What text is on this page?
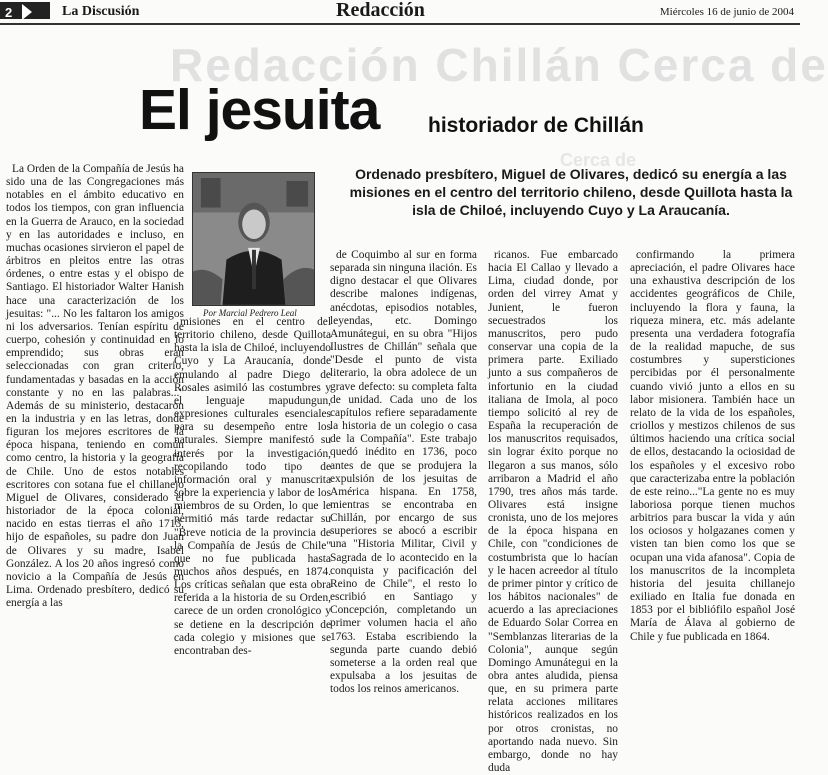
2	La Discusión	Redacción	Miércoles 16 de junio de 2004
Redacción Chillán Cerca de
Cerca de
El jesuita historiador de Chillán
Ordenado presbítero, Miguel de Olivares, dedicó su energía a las misiones en el centro del territorio chileno, desde Quillota hasta la isla de Chiloé, incluyendo Cuyo y La Araucanía.
Por Marcial Pedrero Leal
La Orden de la Compañía de Jesús ha sido una de las Congregaciones más notables en el ámbito educativo en todos los tiempos, con gran influencia en la Guerra de Arauco, en la sociedad y en las autoridades e incluso, en muchas ocasiones sirvieron el papel de árbitros en pleitos entre las otras órdenes, o entre estas y el obispo de Santiago. El historiador Walter Hanish hace una caracterización de los jesuitas: "... No les faltaron los amigos ni los adversarios. Tenían espíritu de cuerpo, cohesión y continuidad en lo emprendido; sus obras eran seleccionadas con gran criterio, fundamentadas y basadas en la acción constante y no en las palabras..." Además de su ministerio, destacaron en la industria y en las letras, donde figuran los mejores escritores de la época hispana, teniendo en común como centro, la historia y la geografía de Chile. Uno de estos notables escritores con sotana fue el chillanejo Miguel de Olivares, considerado el historiador de la época colonial, nacido en estas tierras el año 1713, hijo de españoles, su padre don Juan de Olivares y su madre, Isabel González. A los 20 años ingresó como novicio a la Compañía de Jesús en Lima. Ordenado presbítero, dedicó su energía a las
misiones en el centro del territorio chileno, desde Quillota hasta la isla de Chiloé, incluyendo Cuyo y La Araucanía, donde emulando al padre Diego de Rosales asimiló las costumbres y el lenguaje mapudungun, expresiones culturales esenciales para su desempeño entre los naturales. Siempre manifestó su interés por la investigación, recopilando todo tipo de información oral y manuscrita sobre la experiencia y labor de los miembros de su Orden, lo que le permitió más tarde redactar su "Breve noticia de la provincia de la Compañía de Jesús de Chile" que no fue publicada hasta muchos años después, en 1874. Los críticas señalan que esta obra referida a la historia de su Orden, carece de un orden cronológico y se detiene en la descripción de cada colegio y misiones que se encontraban des-
de Coquimbo al sur en forma separada sin ninguna ilación. Es digno destacar el que Olivares describe malones indígenas, anécdotas, episodios notables, leyendas, etc. Domingo Amunátegui, en su obra "Hijos Ilustres de Chillán" señala que "Desde el punto de vista literario, la obra adolece de un grave defecto: su completa falta de unidad. Cada uno de los capítulos refiere separadamente la historia de un colegio o casa de la Compañía". Este trabajo quedó inédito en 1736, poco antes de que se produjera la expulsión de los jesuitas de América hispana. En 1758, mientras se encontraba en Chillán, por encargo de sus superiores se abocó a escribir una "Historia Militar, Civil y Sagrada de lo acontecido en la conquista y pacificación del Reino de Chile", el resto lo escribió en Santiago y Concepción, completando un primer volumen hacia el año 1763. Estaba escribiendo la segunda parte cuando debió someterse a la orden real que expulsaba a los jesuitas de todos los reinos americanos.
ricanos. Fue embarcado hacia El Callao y llevado a Lima, ciudad donde, por orden del virrey Amat y Junient, le fueron secuestrados los manuscritos, pero pudo conservar una copia de la primera parte. Exiliado junto a sus compañeros de infortunio en la ciudad italiana de Imola, al poco tiempo solicitó al rey de España la recuperación de los manuscritos requisados, sin lograr éxito porque no llegaron a sus manos, sólo arribaron a Madrid el año 1790, tres años más tarde. Olivares está insigne cronista, uno de los mejores de la época hispana en Chile, con "condiciones de costumbrista que lo hacían y le hacen acreedor al título de primer pintor y crítico de los hábitos nacionales" de acuerdo a las apreciaciones de Eduardo Solar Correa en "Semblanzas literarias de la Colonia", aunque según Domingo Amunátegui en la obra antes aludida, piensa que, en su primera parte relata acciones militares históricos realizados en los por otros cronistas, no aportando nada nuevo. Sin embargo, donde no hay duda
confirmando la primera apreciación, el padre Olivares hace una exhaustiva descripción de los accidentes geográficos de Chile, incluyendo la flora y fauna, la riqueza minera, etc. más adelante presenta una verdadera fotografía de la realidad mapuche, de sus costumbres y supersticiones percibidas por él personalmente cuando vivió junto a ellos en su labor misionera. También hace un relato de la vida de los españoles, criollos y mestizos chilenos de sus últimos haciendo una crítica social de ellos, destacando la ociosidad de los españoles y el excesivo robo que caracterizaba entre la población de este reino..."La gente no es muy laboriosa porque tienen muchos arbitrios para buscar la vida y aún los ociosos y holgazanes comen y visten tan bien como los que se ocupan una vida afanosa". Copia de los manuscritos de la incompleta historia del jesuita chillanejo exiliado en Italia fue donada en 1853 por el bibliófilo español José María de Álava al gobierno de Chile y fue publicada en 1864.
